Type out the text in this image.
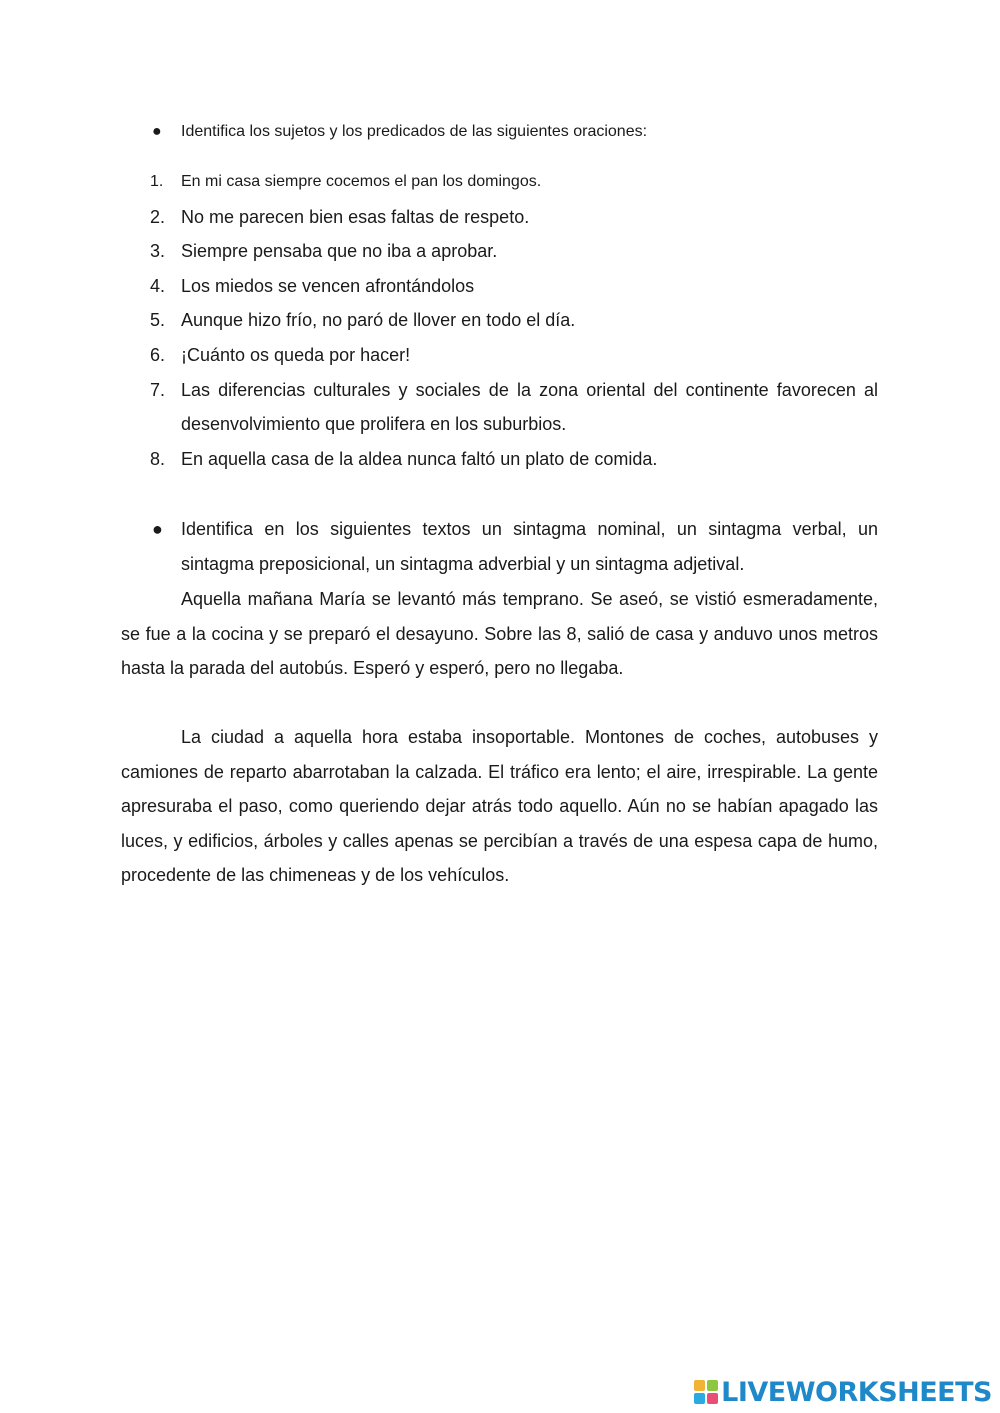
●	Identifica los sujetos y los predicados de las siguientes oraciones:
1. En mi casa siempre cocemos el pan los domingos.
2. No me parecen bien esas faltas de respeto.
3. Siempre pensaba que no iba a aprobar.
4. Los miedos se vencen afrontándolos
5. Aunque hizo frío, no paró de llover en todo el día.
6. ¡Cuánto os queda por hacer!
7. Las diferencias culturales y sociales de la zona oriental del continente favorecen al desenvolvimiento que prolifera en los suburbios.
8. En aquella casa de la aldea nunca faltó un plato de comida.
● Identifica en los siguientes textos un sintagma nominal, un sintagma verbal, un sintagma preposicional, un sintagma adverbial y un sintagma adjetival.

Aquella mañana María se levantó más temprano. Se aseó, se vistió esmeradamente, se fue a la cocina y se preparó el desayuno. Sobre las 8, salió de casa y anduvo unos metros hasta la parada del autobús. Esperó y esperó, pero no llegaba.

La ciudad a aquella hora estaba insoportable. Montones de coches, autobuses y camiones de reparto abarrotaban la calzada. El tráfico era lento; el aire, irrespirable. La gente apresuraba el paso, como queriendo dejar atrás todo aquello. Aún no se habían apagado las luces, y edificios, árboles y calles apenas se percibían a través de una espesa capa de humo, procedente de las chimeneas y de los vehículos.

LIVEWORKSHEETS
